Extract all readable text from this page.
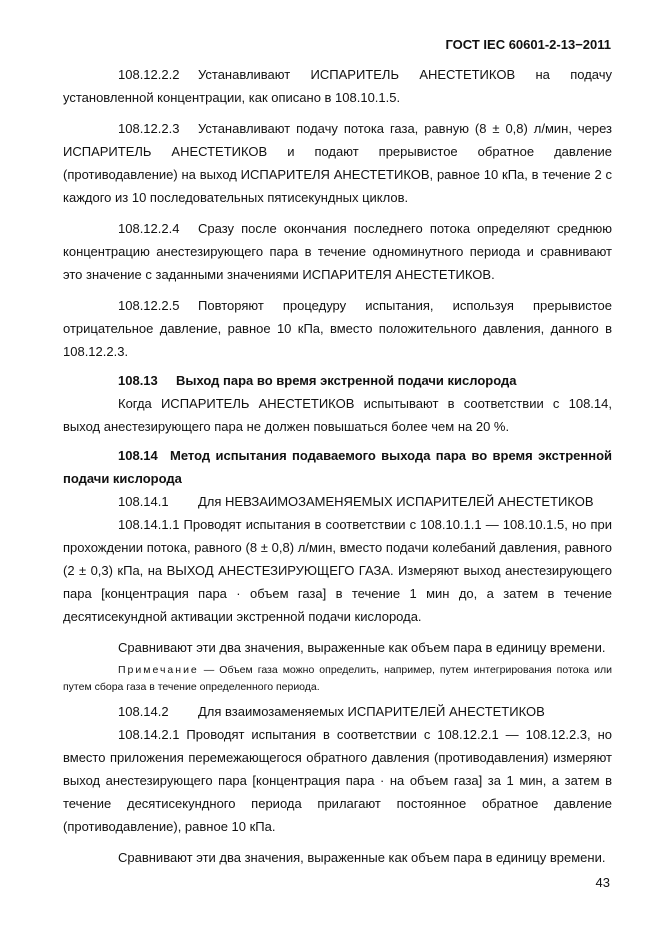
ГОСТ IEC 60601-2-13−2011

108.12.2.2 Устанавливают ИСПАРИТЕЛЬ АНЕСТЕТИКОВ на подачу установленной концентрации, как описано в 108.10.1.5.

108.12.2.3 Устанавливают подачу потока газа, равную (8 ± 0,8) л/мин, через ИСПАРИТЕЛЬ АНЕСТЕТИКОВ и подают прерывистое обратное давление (противодавление) на выход ИСПАРИТЕЛЯ АНЕСТЕТИКОВ, равное 10 кПа, в течение 2 с каждого из 10 последовательных пятисекундных циклов.

108.12.2.4 Сразу после окончания последнего потока определяют среднюю концентрацию анестезирующего пара в течение одноминутного периода и сравнивают это значение с заданными значениями ИСПАРИТЕЛЯ АНЕСТЕТИКОВ.

108.12.2.5 Повторяют процедуру испытания, используя прерывистое отрицательное давление, равное 10 кПа, вместо положительного давления, данного в 108.12.2.3.

108.13 Выход пара во время экстренной подачи кислорода

Когда ИСПАРИТЕЛЬ АНЕСТЕТИКОВ испытывают в соответствии с 108.14, выход анестезирующего пара не должен повышаться более чем на 20 %.

108.14 Метод испытания подаваемого выхода пара во время экстренной подачи кислорода

108.14.1 Для НЕВЗАИМОЗАМЕНЯЕМЫХ ИСПАРИТЕЛЕЙ АНЕСТЕТИКОВ

108.14.1.1 Проводят испытания в соответствии с 108.10.1.1 — 108.10.1.5, но при прохождении потока, равного (8 ± 0,8) л/мин, вместо подачи колебаний давления, равного (2 ± 0,3) кПа, на ВЫХОД АНЕСТЕЗИРУЮЩЕГО ГАЗА. Измеряют выход анестезирующего пара [концентрация пара · объем газа] в течение 1 мин до, а затем в течение десятисекундной активации экстренной подачи кислорода.

Сравнивают эти два значения, выраженные как объем пара в единицу времени.

Примечание — Объем газа можно определить, например, путем интегрирования потока или путем сбора газа в течение определенного периода.

108.14.2 Для взаимозаменяемых ИСПАРИТЕЛЕЙ АНЕСТЕТИКОВ

108.14.2.1 Проводят испытания в соответствии с 108.12.2.1 — 108.12.2.3, но вместо приложения перемежающегося обратного давления (противодавления) измеряют выход анестезирующего пара [концентрация пара · на объем газа] за 1 мин, а затем в течение десятисекундного периода прилагают постоянное обратное давление (противодавление), равное 10 кПа.

Сравнивают эти два значения, выраженные как объем пара в единицу времени.

43
